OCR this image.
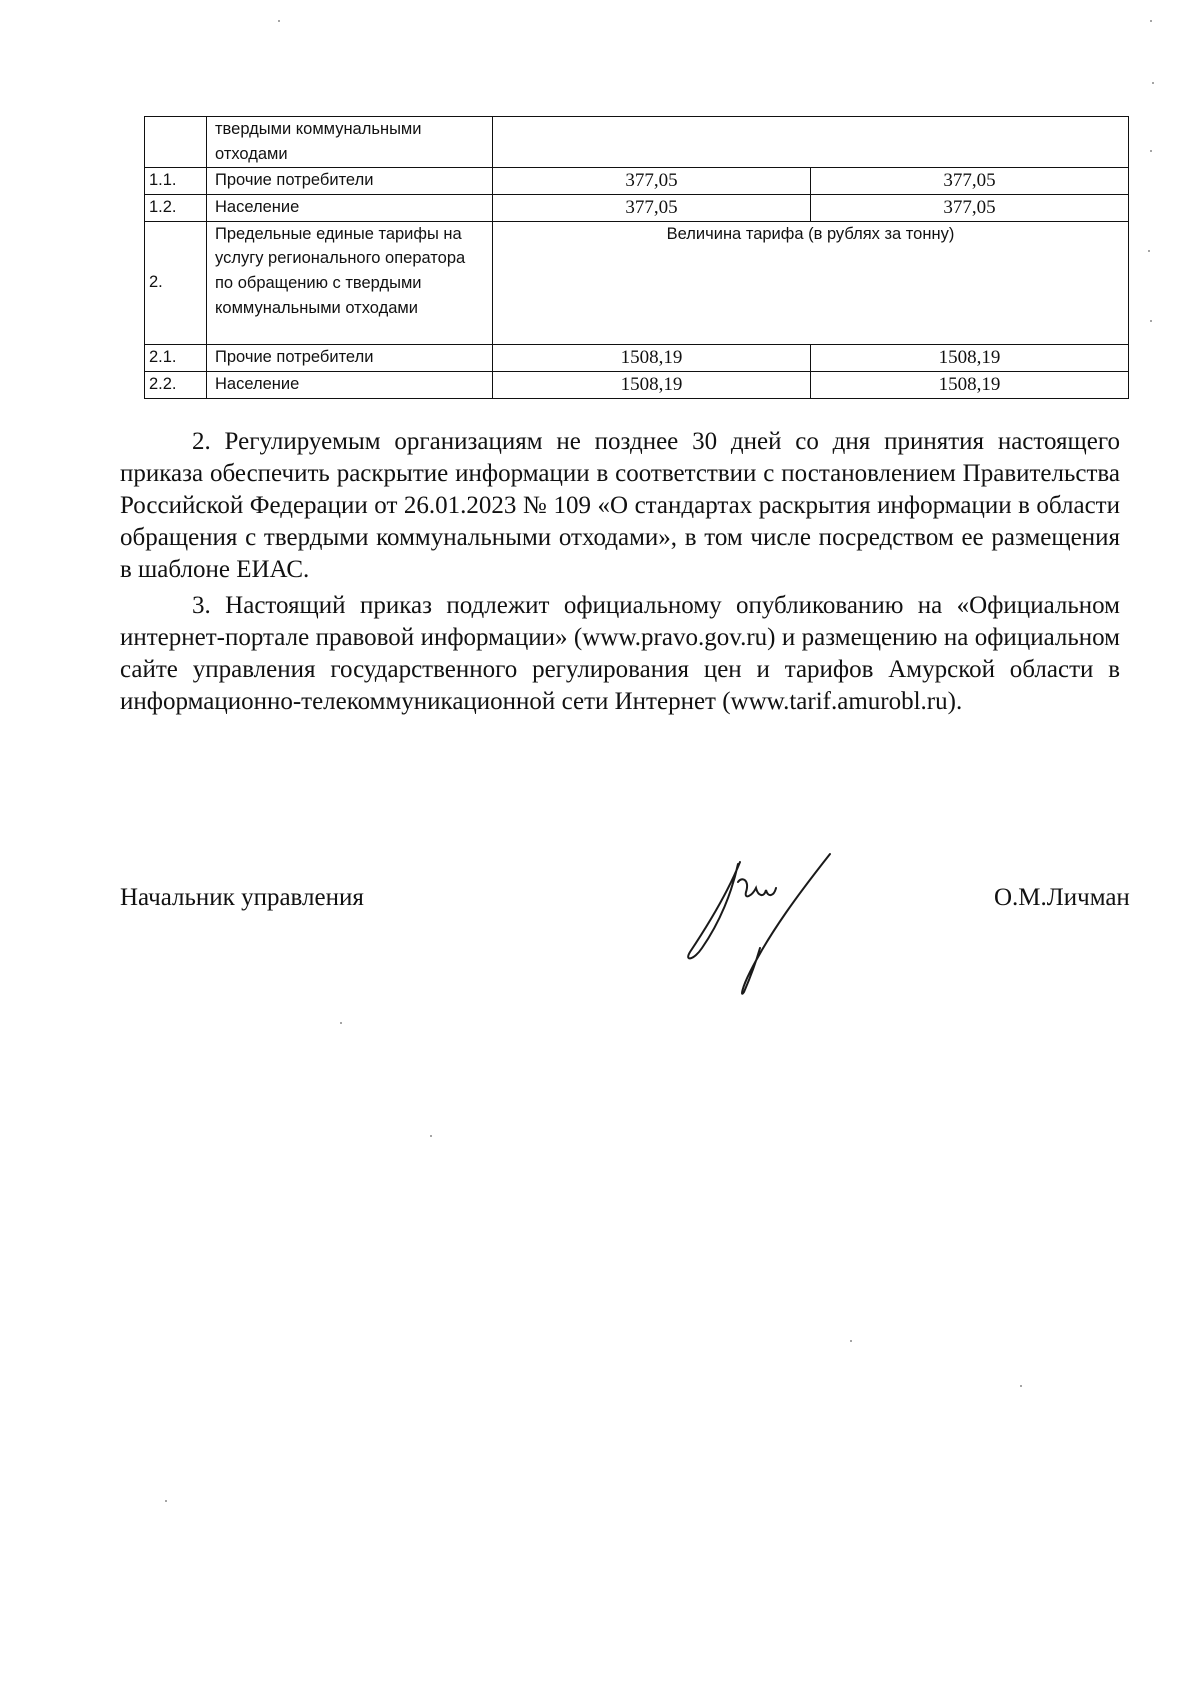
	твердыми коммунальными отходами		
1.1.	Прочие потребители	377,05	377,05
1.2.	Население	377,05	377,05
2.	Предельные единые тарифы на услугу регионального оператора по обращению с твердыми коммунальными отходами	Величина тарифа (в рублях за тонну)	
2.1.	Прочие потребители	1508,19	1508,19
2.2.	Население	1508,19	1508,19

2. Регулируемым организациям не позднее 30 дней со дня принятия настоящего приказа обеспечить раскрытие информации в соответствии с постановлением Правительства Российской Федерации от 26.01.2023 № 109 «О стандартах раскрытия информации в области обращения с твердыми коммунальными отходами», в том числе посредством ее размещения в шаблоне ЕИАС.

3. Настоящий приказ подлежит официальному опубликованию на «Официальном интернет-портале правовой информации» (www.pravo.gov.ru) и размещению на официальном сайте управления государственного регулирования цен и тарифов Амурской области в информационно-телекоммуникационной сети Интернет (www.tarif.amurobl.ru).

Начальник управления	О.М.Личман
